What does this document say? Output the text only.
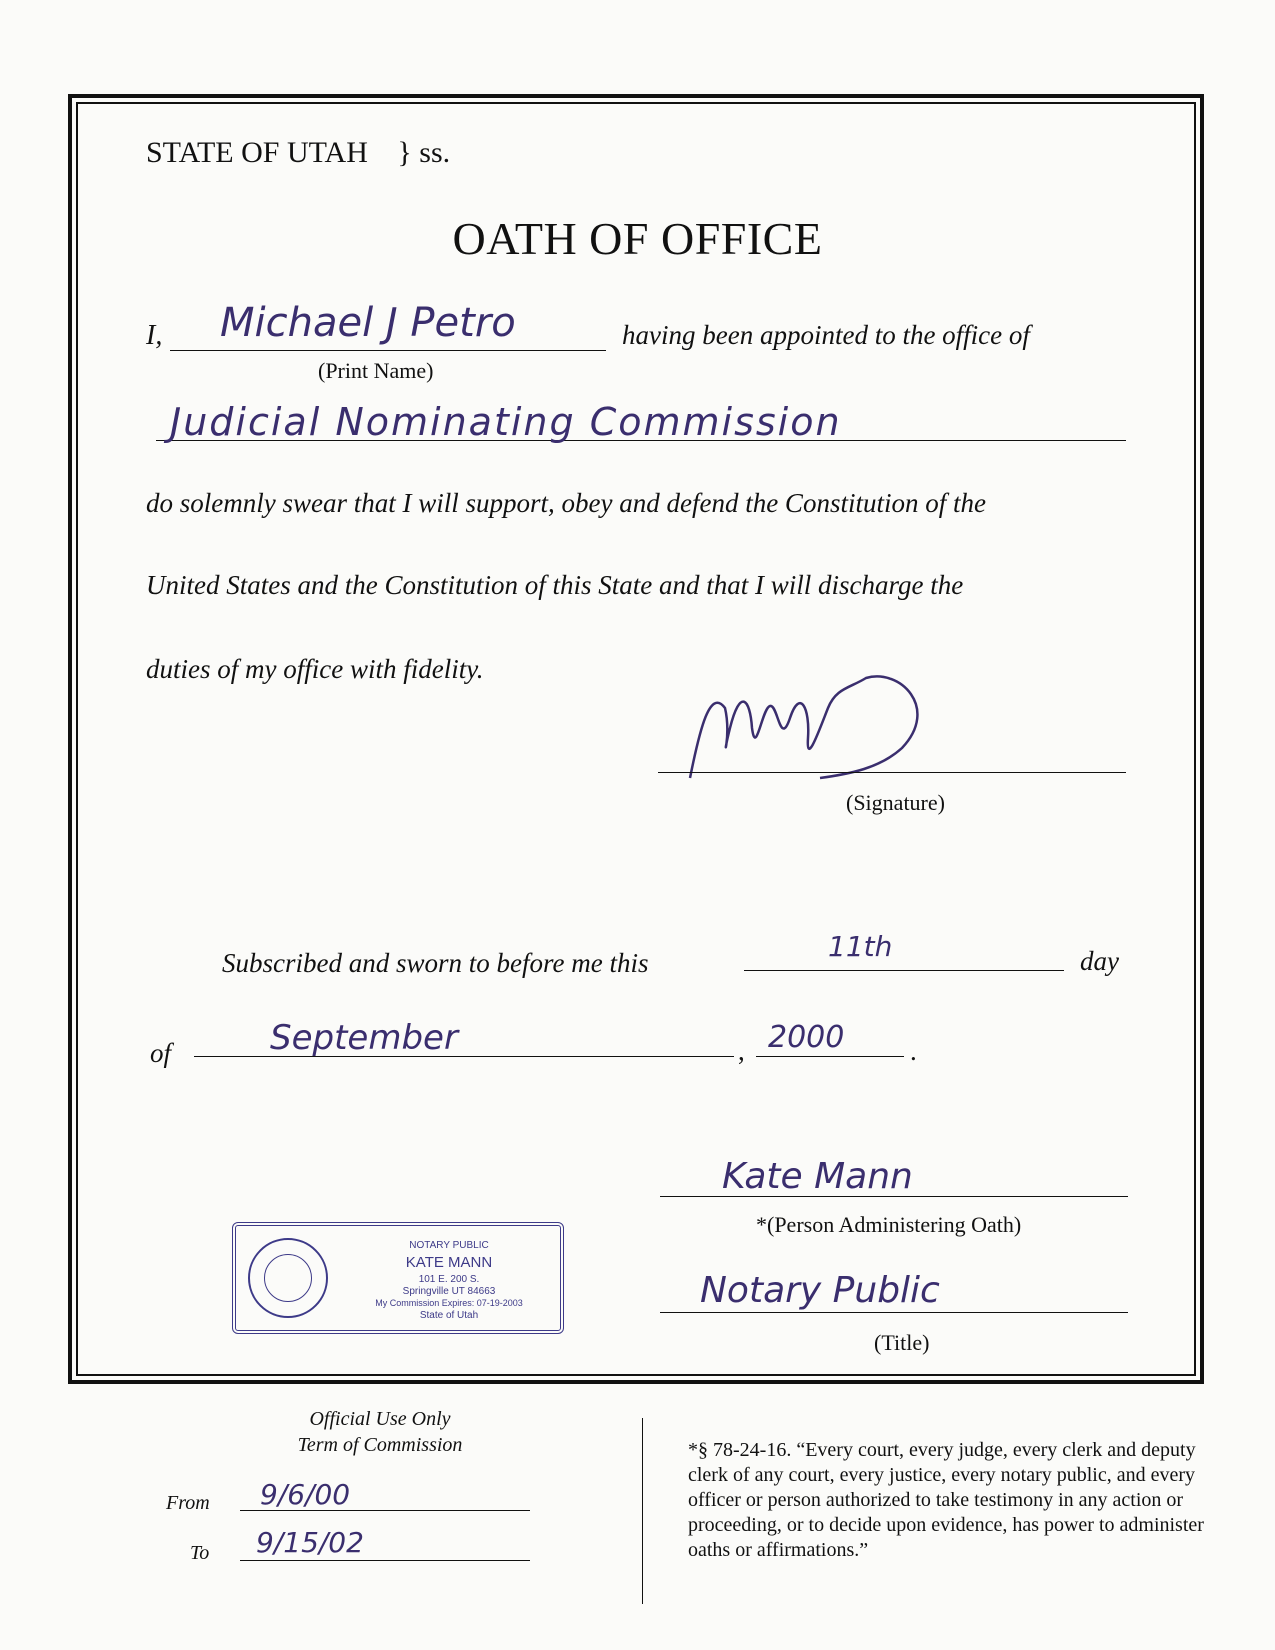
STATE OF UTAH } ss.
OATH OF OFFICE
I, Michael J Petro
(Print Name)
having been appointed to the office of
Judicial Nominating Commission
do solemnly swear that I will support, obey and defend the Constitution of the
United States and the Constitution of this State and that I will discharge the
duties of my office with fidelity.
(Signature)
Subscribed and sworn to before me this	11th	day
of	September	, 2000 .
Kate Mann
*(Person Administering Oath)
Notary Public
(Title)
NOTARY PUBLIC
KATE MANN
101 E. 200 S.
Springville UT 84663
My Commission Expires: 07-19-2003
State of Utah
Official Use Only
Term of Commission
From 9/6/00
To 9/15/02
*§ 78-24-16. “Every court, every judge, every clerk and deputy clerk of any court, every justice, every notary public, and every officer or person authorized to take testimony in any action or proceeding, or to decide upon evidence, has power to administer oaths or affirmations.”
